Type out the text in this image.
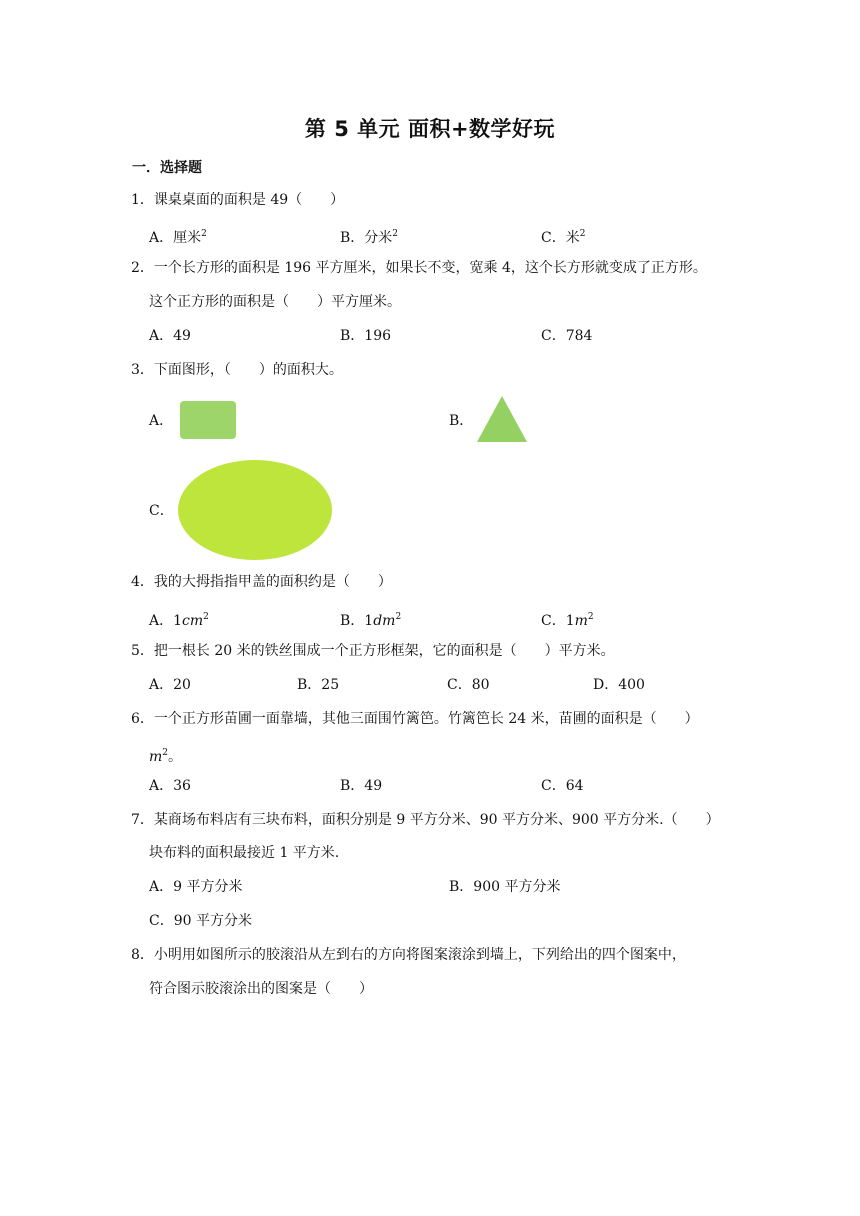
第 5 单元 面积+数学好玩
一．选择题
1．课桌桌面的面积是 49（　　）
A．厘米$^2$	B．分米$^2$	C．米$^2$
2．一个长方形的面积是 196 平方厘米，如果长不变，宽乘 4，这个长方形就变成了正方形。
这个正方形的面积是（　　）平方厘米。
A．49	B．196	C．784
3．下面图形，（　　）的面积大。
A．	B．
C．
4．我的大拇指指甲盖的面积约是（　　）
A．$1cm^2$	B．$1dm^2$	C．$1m^2$
5．把一根长 20 米的铁丝围成一个正方形框架，它的面积是（　　）平方米。
A．20	B．25	C．80	D．400
6．一个正方形苗圃一面靠墙，其他三面围竹篱笆。竹篱笆长 24 米，苗圃的面积是（　　）
$m^2$。
A．36	B．49	C．64
7．某商场布料店有三块布料，面积分别是 9 平方分米、90 平方分米、900 平方分米.（　　）
块布料的面积最接近 1 平方米.
A．9 平方分米	B．900 平方分米
C．90 平方分米
8．小明用如图所示的胶滚沿从左到右的方向将图案滚涂到墙上，下列给出的四个图案中，
符合图示胶滚涂出的图案是（　　）
